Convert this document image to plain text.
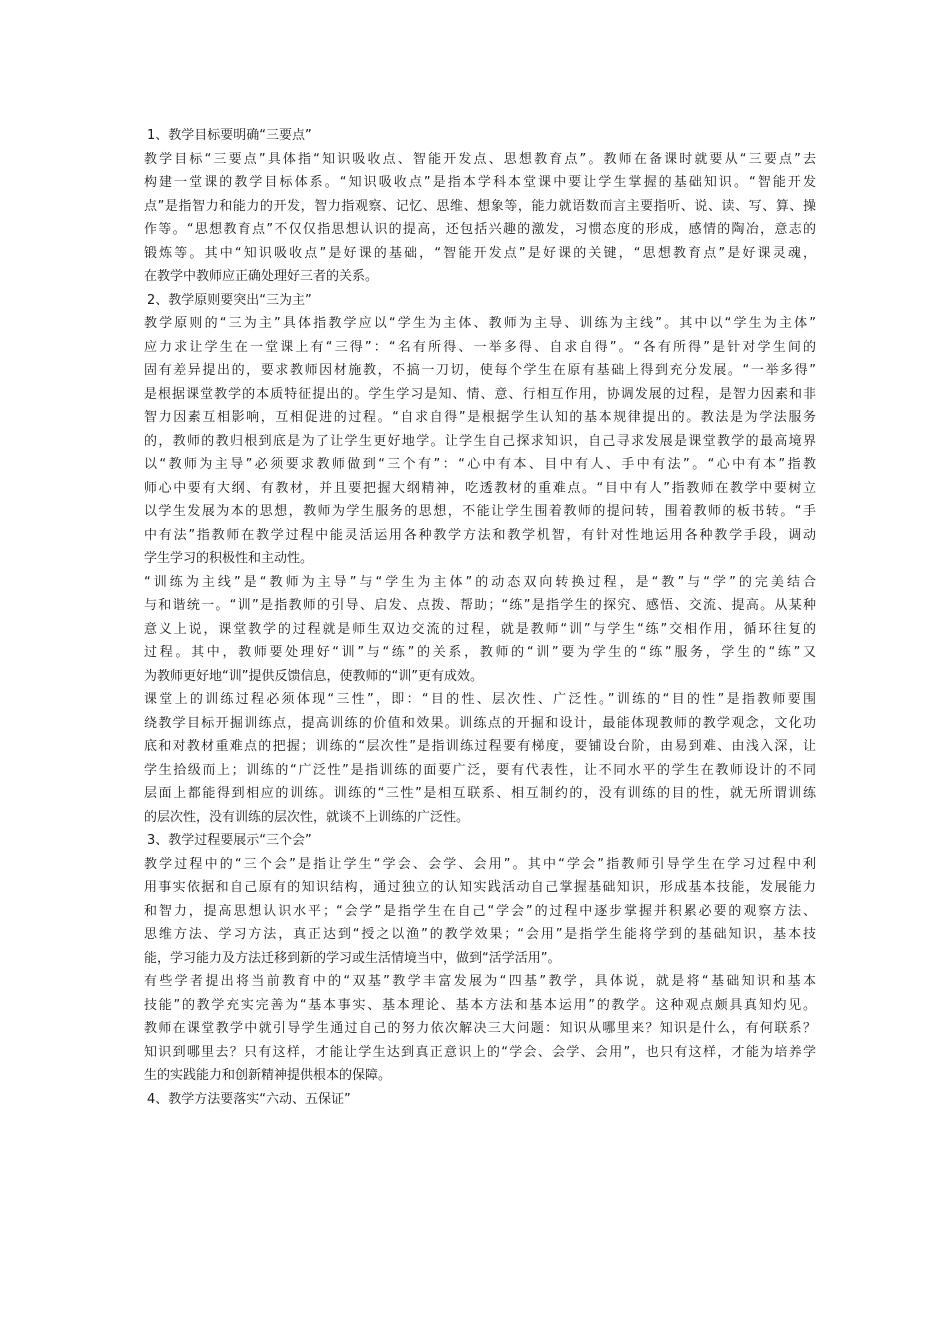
1、教学目标要明确“三要点”
教学目标“三要点”具体指“知识吸收点、智能开发点、思想教育点”。教师在备课时就要从“三要点”去
构建一堂课的教学目标体系。“知识吸收点”是指本学科本堂课中要让学生掌握的基础知识。“智能开发
点”是指智力和能力的开发，智力指观察、记忆、思维、想象等，能力就语数而言主要指听、说、读、写、算、操
作等。“思想教育点”不仅仅指思想认识的提高，还包括兴趣的激发，习惯态度的形成，感情的陶冶，意志的
锻炼等。其中“知识吸收点”是好课的基础，“智能开发点”是好课的关键，“思想教育点”是好课灵魂，
在教学中教师应正确处理好三者的关系。
2、教学原则要突出“三为主”
教学原则的“三为主”具体指教学应以“学生为主体、教师为主导、训练为主线”。其中以“学生为主体”
应力求让学生在一堂课上有“三得”：“名有所得、一举多得、自求自得”。“各有所得”是针对学生间的
固有差异提出的，要求教师因材施教，不搞一刀切，使每个学生在原有基础上得到充分发展。“一举多得”
是根据课堂教学的本质特征提出的。学生学习是知、情、意、行相互作用，协调发展的过程，是智力因素和非
智力因素互相影响，互相促进的过程。“自求自得”是根据学生认知的基本规律提出的。教法是为学法服务
的，教师的教归根到底是为了让学生更好地学。让学生自己探求知识，自己寻求发展是课堂教学的最高境界
以“教师为主导”必须要求教师做到“三个有”：“心中有本、目中有人、手中有法”。“心中有本”指教
师心中要有大纲、有教材，并且要把握大纲精神，吃透教材的重难点。“目中有人”指教师在教学中要树立
以学生发展为本的思想，教师为学生服务的思想，不能让学生围着教师的提问转，围着教师的板书转。“手
中有法”指教师在教学过程中能灵活运用各种教学方法和教学机智，有针对性地运用各种教学手段，调动
学生学习的积极性和主动性。
“训练为主线”是“教师为主导”与“学生为主体”的动态双向转换过程，是“教”与“学”的完美结合
与和谐统一。“训”是指教师的引导、启发、点拨、帮助；“练”是指学生的探究、感悟、交流、提高。从某种
意义上说，课堂教学的过程就是师生双边交流的过程，就是教师“训”与学生“练”交相作用，循环往复的
过程。其中，教师要处理好“训”与“练”的关系，教师的“训”要为学生的“练”服务，学生的“练”又
为教师更好地“训”提供反馈信息，使教师的“训”更有成效。
课堂上的训练过程必须体现“三性”，即：“目的性、层次性、广泛性。”训练的“目的性”是指教师要围
绕教学目标开掘训练点，提高训练的价值和效果。训练点的开掘和设计，最能体现教师的教学观念，文化功
底和对教材重难点的把握；训练的“层次性”是指训练过程要有梯度，要铺设台阶，由易到难、由浅入深，让
学生拾级而上；训练的“广泛性”是指训练的面要广泛，要有代表性，让不同水平的学生在教师设计的不同
层面上都能得到相应的训练。训练的“三性”是相互联系、相互制约的，没有训练的目的性，就无所谓训练
的层次性，没有训练的层次性，就谈不上训练的广泛性。
3、教学过程要展示“三个会”
教学过程中的“三个会”是指让学生“学会、会学、会用”。其中“学会”指教师引导学生在学习过程中利
用事实依据和自己原有的知识结构，通过独立的认知实践活动自己掌握基础知识，形成基本技能，发展能力
和智力，提高思想认识水平；“会学”是指学生在自己“学会”的过程中逐步掌握并积累必要的观察方法、
思维方法、学习方法，真正达到“授之以渔”的教学效果；“会用”是指学生能将学到的基础知识，基本技
能，学习能力及方法迁移到新的学习或生活情境当中，做到“活学活用”。
有些学者提出将当前教育中的“双基”教学丰富发展为“四基”教学，具体说，就是将“基础知识和基本
技能”的教学充实完善为“基本事实、基本理论、基本方法和基本运用”的教学。这种观点颇具真知灼见。
教师在课堂教学中就引导学生通过自己的努力依次解决三大问题：知识从哪里来？知识是什么，有何联系？
知识到哪里去？只有这样，才能让学生达到真正意识上的“学会、会学、会用”，也只有这样，才能为培养学
生的实践能力和创新精神提供根本的保障。
4、教学方法要落实“六动、五保证”
